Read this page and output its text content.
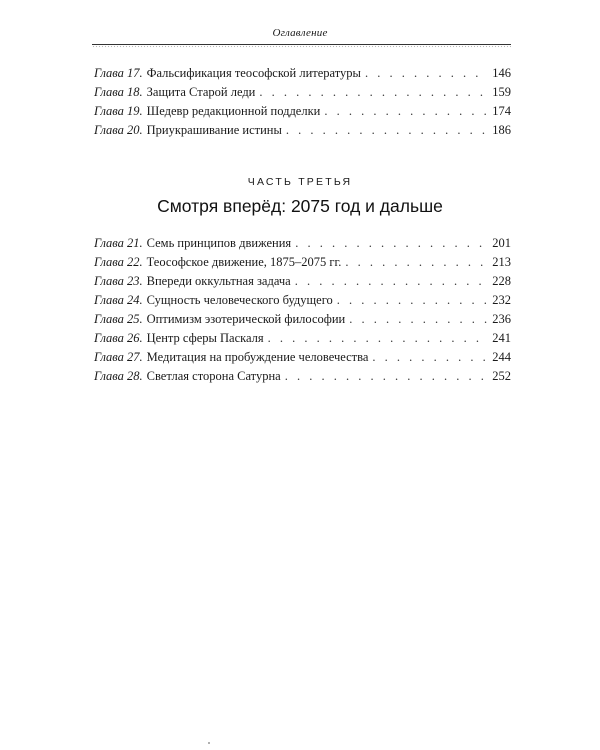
Оглавление
Глава 17. Фальсификация теософской литературы . . .	146
Глава 18. Защита Старой леди . . .	159
Глава 19. Шедевр редакционной подделки . . .	174
Глава 20. Приукрашивание истины . . .	186
ЧАСТЬ ТРЕТЬЯ
Смотря вперёд: 2075 год и дальше
Глава 21. Семь принципов движения . . .	201
Глава 22. Теософское движение, 1875–2075 гг. . . .	213
Глава 23. Впереди оккультная задача . . .	228
Глава 24. Сущность человеческого будущего . . .	232
Глава 25. Оптимизм эзотерической философии . . .	236
Глава 26. Центр сферы Паскаля . . .	241
Глава 27. Медитация на пробуждение человечества . . .	244
Глава 28. Светлая сторона Сатурна . . .	252
